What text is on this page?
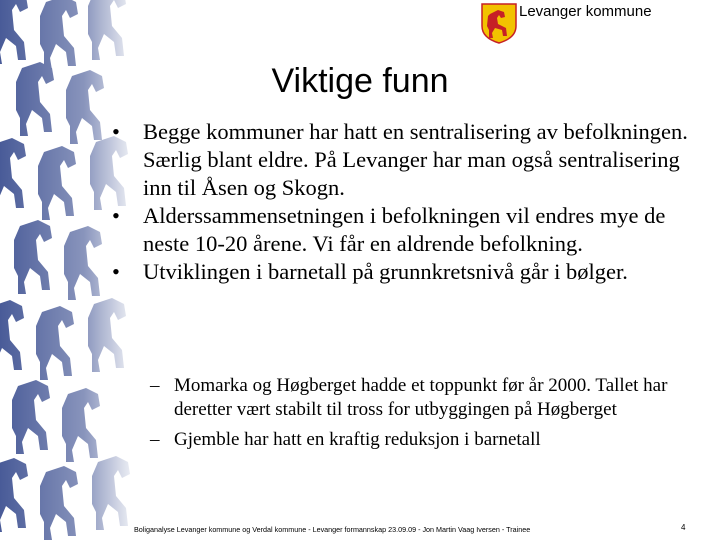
Levanger kommune
Viktige funn
• Begge kommuner har hatt en sentralisering av befolkningen. Særlig blant eldre. På Levanger har man også sentralisering inn til Åsen og Skogn.
• Alderssammensetningen i befolkningen vil endres mye de neste 10-20 årene. Vi får en aldrende befolkning.
• Utviklingen i barnetall på grunnkretsnivå går i bølger.
– Momarka og Høgberget hadde et toppunkt før år 2000. Tallet har deretter vært stabilt til tross for utbyggingen på Høgberget
– Gjemble har hatt en kraftig reduksjon i barnetall
Boliganalyse Levanger kommune og Verdal kommune - Levanger formannskap 23.09.09 - Jon Martin Vaag Iversen - Trainee	4
